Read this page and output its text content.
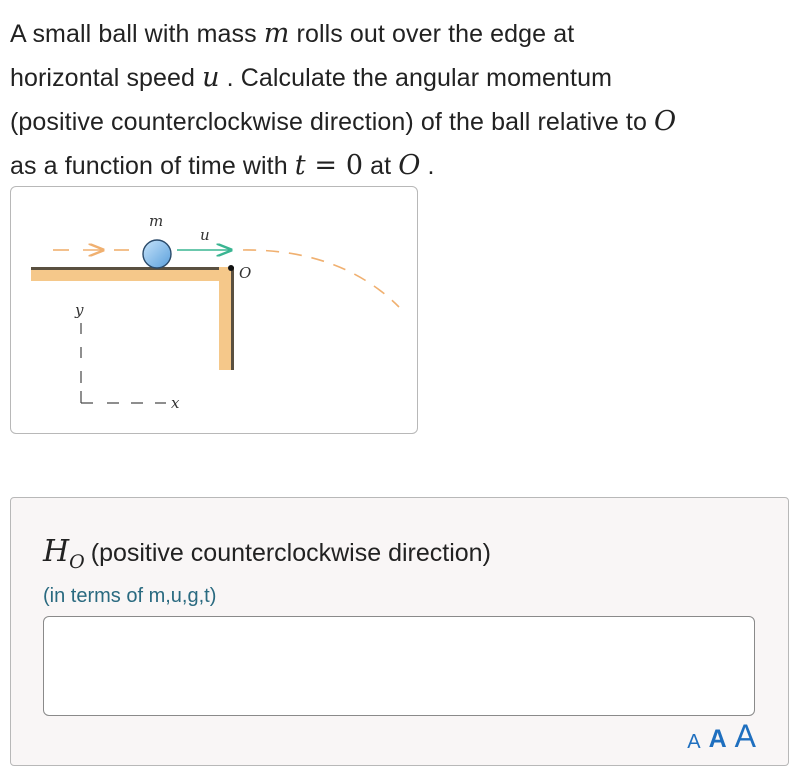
A small ball with mass m rolls out over the edge at
horizontal speed u . Calculate the angular momentum
(positive counterclockwise direction) of the ball relative to O
as a function of time with t = 0 at O .
m
u
O
y
x
$H_O$ (positive counterclockwise direction)
(in terms of m,u,g,t)
A A A
